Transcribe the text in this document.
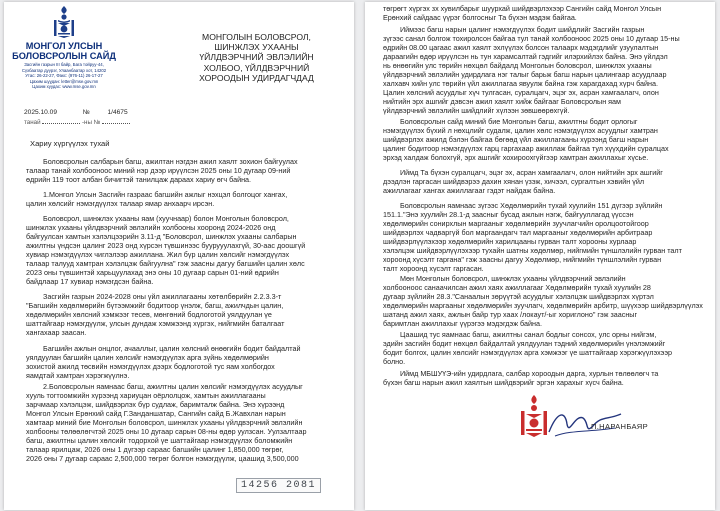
МОНГОЛ УЛСЫН
БОЛОВСРОЛЫН САЙД
Засгийн газрын III байр, Бага тойруу-44,
Сүхбаатар дүүрэг, Улаанбаатар хот, 14202
Утас: 26-22-27, Факс: (976-11) 26-17-27
Цахим шуудан: letter@mse.gov.mn
Цахим хуудас: www.mse.gov.mn
2025.10.09	№	1/4675
танай	-ны №
МОНГОЛЫН БОЛОВСРОЛ,
ШИНЖЛЭХ УХААНЫ
ҮЙЛДВЭРЧНИЙ ЭВЛЭЛИЙН
ХОЛБОО, ҮЙЛДВЭРЧНИЙ
ХОРООДЫН УДИРДАГЧДАД
Хариу хүргүүлэх тухай
Боловсролын салбарын багш, ажилтан нэгдэн ажил хаялт зохион байгуулах
талаар танай холбооноос миний нэр дээр ирүүлсэн 2025 оны 10 дугаар 09-ний
өдрийн 119 тоот албан бичигтэй танилцаж дараах хариу өгч байна.
1.Монгол Улсын Засгийн газраас багшийн ажлыг нэхцэл болгоцог хангах,
цалин хөлсийг нэмэгдүүлэх талаар ямар анхаарч ирсэн.
Боловсрол, шинжлэх ухааны яам (хуучнаар) болон Монголын боловсрол,
шинжлэх ухааны үйлдвэрчний эвлэлийн холбооны хооронд 2024-2026 онд
байгуулсан хамтын хэлэлцээрийн 3.11-д "Боловсрол, шинжлэх ухааны салбарын
ажилтны үндсэн цалинг 2023 онд хүрсэн түвшинээс буурууулахгүй, 30-аас доошгүй
хувиар нэмэгдүүлэх чиглэлээр ажиллана. Жил бүр цалин хөлсийг нэмэгдүүлэх
талаар талууд хамтран хэлэлцэж байгуулна" гэж заасны дагуу багшийн цалин хөлс
2023 оны түвшинтэй харьцуулахад энэ оны 10 дугаар сарын 01-ний өдрийн
байдлаар 17 хувиар нэмэгдсэн байна.
Засгийн газрын 2024-2028 оны үйл ажиллагааны хөтөлбөрийн 2.2.3.3-т
"Багшийн хөдөлмөрийн бүтээмжийг бодитоор үнэлж, багш, ажилчдын цалин,
хөдөлмөрийн хөлсний хэмжээг тесев, мөнгөний бодлоготой уялдуулан үе
шаттайгаар нэмэгдүүлж, улсын дундаж хэмжээнд хүргэх, нийгмийн баталгаат
хангахаар заасан.
Багшийн ажлын онцлог, ачааллыг, цалин хөлсний өнөөгийн бодит байдалтай
уялдуулан багшийн цалин хөлсийг нэмэгдүүлэх арга зүйнь хөдөлмөрийн
зохистой ажилд төсвийн нэмэгдүүлэх дээрх бодлоготой тус яам холбогдох
яамдтай хамтран хэрэгжүүлнэ.
2.Боловсролын яамнаас багш, ажилтны цалин хөлсийг нэмэгдүүлэх асуудлыг
хууль тогтоомжийн хүрээнд хариуцан оёрлолцож, хамтын ажиллагааны
зарчмаар хэлэлцэж, шийдвэрлэх бүр судлаж, баримталж байна. Энэ хүрээнд
Монгол Улсын Ерөнхий сайд Г.Занданшатар, Сангийн сайд Б.Жавхлан нарын
хамтаар миний бие Монголын боловсрол, шинжлэх ухааны үйлдвэрчний эвлэлийн
холбооны төлөөлөгчтэй 2025 оны 10 дугаар сарын 08-ны өдөр уулзсан. Уулзалтаар
багш, ажилтны цалин хөлсийг тодорхой үе шаттайгаар нэмэгдүүлэх боломжийн
талаар ярилцаж, 2026 оны 1 дүгээр сараас багшийн цалинг 1,850,000 төгрөг,
2026 оны 7 дугаар сараас 2,500,000 төгрөг болгон нэмэгдүүлж, цаашид 3,500,000
14256 2081
төгрөгт хүргэх зх хувилбарыг шуурхай шийдвэрлэхээр Сангийн сайд Монгол Улсын
Ерөнхий сайдаас үүрэг болгосныг Та бүхэн мэдэж байгаа.
Иймээс багш нарын цалинг нэмэгдүүлэх бодит шийдлийг Засгийн газрын
зүгээс санал болгож тохиролсон байгаа тул танай холбооноос 2025 оны 10 дугаар 15-ны
өдрийн 08.00 цагаас ажил хаялт эхлүүлэх болсон талаарх мэдэгдлийг узуулалтын
дараагийн өдөр ирүүлсэн нь тун харамсалтай гэдгийг илэрхийлэх байна. Энэ үйлдэл
нь өнөөгийн улс төрийн нөхцөл байдалд Монголын боловсрол, шинжлэх ухааны
үйлдвэрчний эвлэлийн удирдлага нэг талыг барьж багш нарын цалингаар асуудлаар
халхавч хийн улс төрийн үйл ажиллагаа явуулж байна гэж харагдахад хүрч байна.
Цалин хөлсний асуудлыг хүч тулгасан, суралцагч, эцэг эх, асран хамгаалагч, олон
нийтийн эрх ашгийг дэвсэн ажил хаялт хийж байгааг Боловсролын яам
үйлдвэрчний эвлэлийн шийдлийг хүлээн зөвшөөрөхгүй.
Боловсролын сайд миний бие Монголын багш, ажилтны бодит орлогыг
нэмэгдүүлэх бүхий л нөхцлийг судалж, цалин хөлс нэмэгдүүлэх асуудлыг хамтран
шийдвэрлэх ажилд бэлэн байгаа бөгөөд үйл ажиллагааны хүрээнд багш нарын
цалинг бодитоор нэмэгдүүлэх гарц гаргахаар ажиллаж байгаа тул хүүхдийн суралцах
эрхэд халдаж болохгүй, эрх ашгийг хохироохгүйгээр хамтран ажиллахыг хүсье.
Иймд Та бүхэн суралцагч, эцэг эх, асран хамгаалагч, олон нийтийн эрх ашгийг
дээдлэн гаргасан шийдвэрээ дахин хянан үзэж, хичээл, сургалтын хэвийн үйл
ажиллагааг хангах ажиллагааг гэдэт найдаж байна.
Боловсролын яамнаас зүгээс Хөдөлмөрийн тухай хуулийн 151 дүгээр зүйлийн
151.1."Энэ хуулийн 28.1-д заасныг бусад ажлын нэгж, байгууллагад үүссэн
хөдөлмөрийн сонирхлын маргааныг хөдөлмөрийн зуучлагчийн оролцоотойгоор
шийдвэрлэх чадваргүй бол маргаандагч тал маргааныг хөдөлмөрийн арбитраар
шийдвэрлүүлэхээр хөдөлмөрийн харилцааны гурван талт хорооны хурлаар
хэлэлцэж шийдвэрлүүлэхээр тухайн шатны хөдөлмөр, нийгмийн түншлэлийн гурван талт
хороонд хүсэлт гаргана" гэж заасны дагуу Хөдөлмөр, нийгмийн түншлэлийн гурван
талт хороонд хүсэлт гаргасан.
Мөн Монголын боловсрол, шинжлэх ухааны үйлдвэрчний эвлэлийн
холбооноос санаачилсан ажил хаях ажиллагааг Хөдөлмөрийн тухай хуулийн 28
дугаар зүйлийн 28.3."Санаалын зөрүүтэй асуудлыг хэлэлцэж шийдвэрлэх хүртэл
хөдөлмөрийн маргааныг хөдөлмөрийн зуучлагч, хөдөлмөрийн арбитр, шүүхээр шийдвэрлүүлэх
шатанд ажил хаях, ажлын байр тур хаах /локаут/-ыг хориглоно" гэж заасныг
баримтлан ажиллахыг үүрэгээ мэдэгдэж байна.
Цаашид тус яамнаас багш, ажилтны санал бодлыг сонсох, улс орны нийгэм,
эдийн засгийн бодит нөхцөл байдалтай уялдуулан тэдний хөдөлмөрийн үнэлэмжийг
бодит болгох, цалин хөлсийг нэмэгдүүлэх арга хэмжээг үе шаттайгаар хэрэгжүүлэхээр
болно.
Иймд МБШУҮЭ-ийн удирдлага, салбар хороодын дарга, хурлын төлөөлөгч та
бүхэн багш нарын ажил хаялтын шийдвэрийг эргэн харахыг хүсч байна.
П.НАРАНБАЯР
